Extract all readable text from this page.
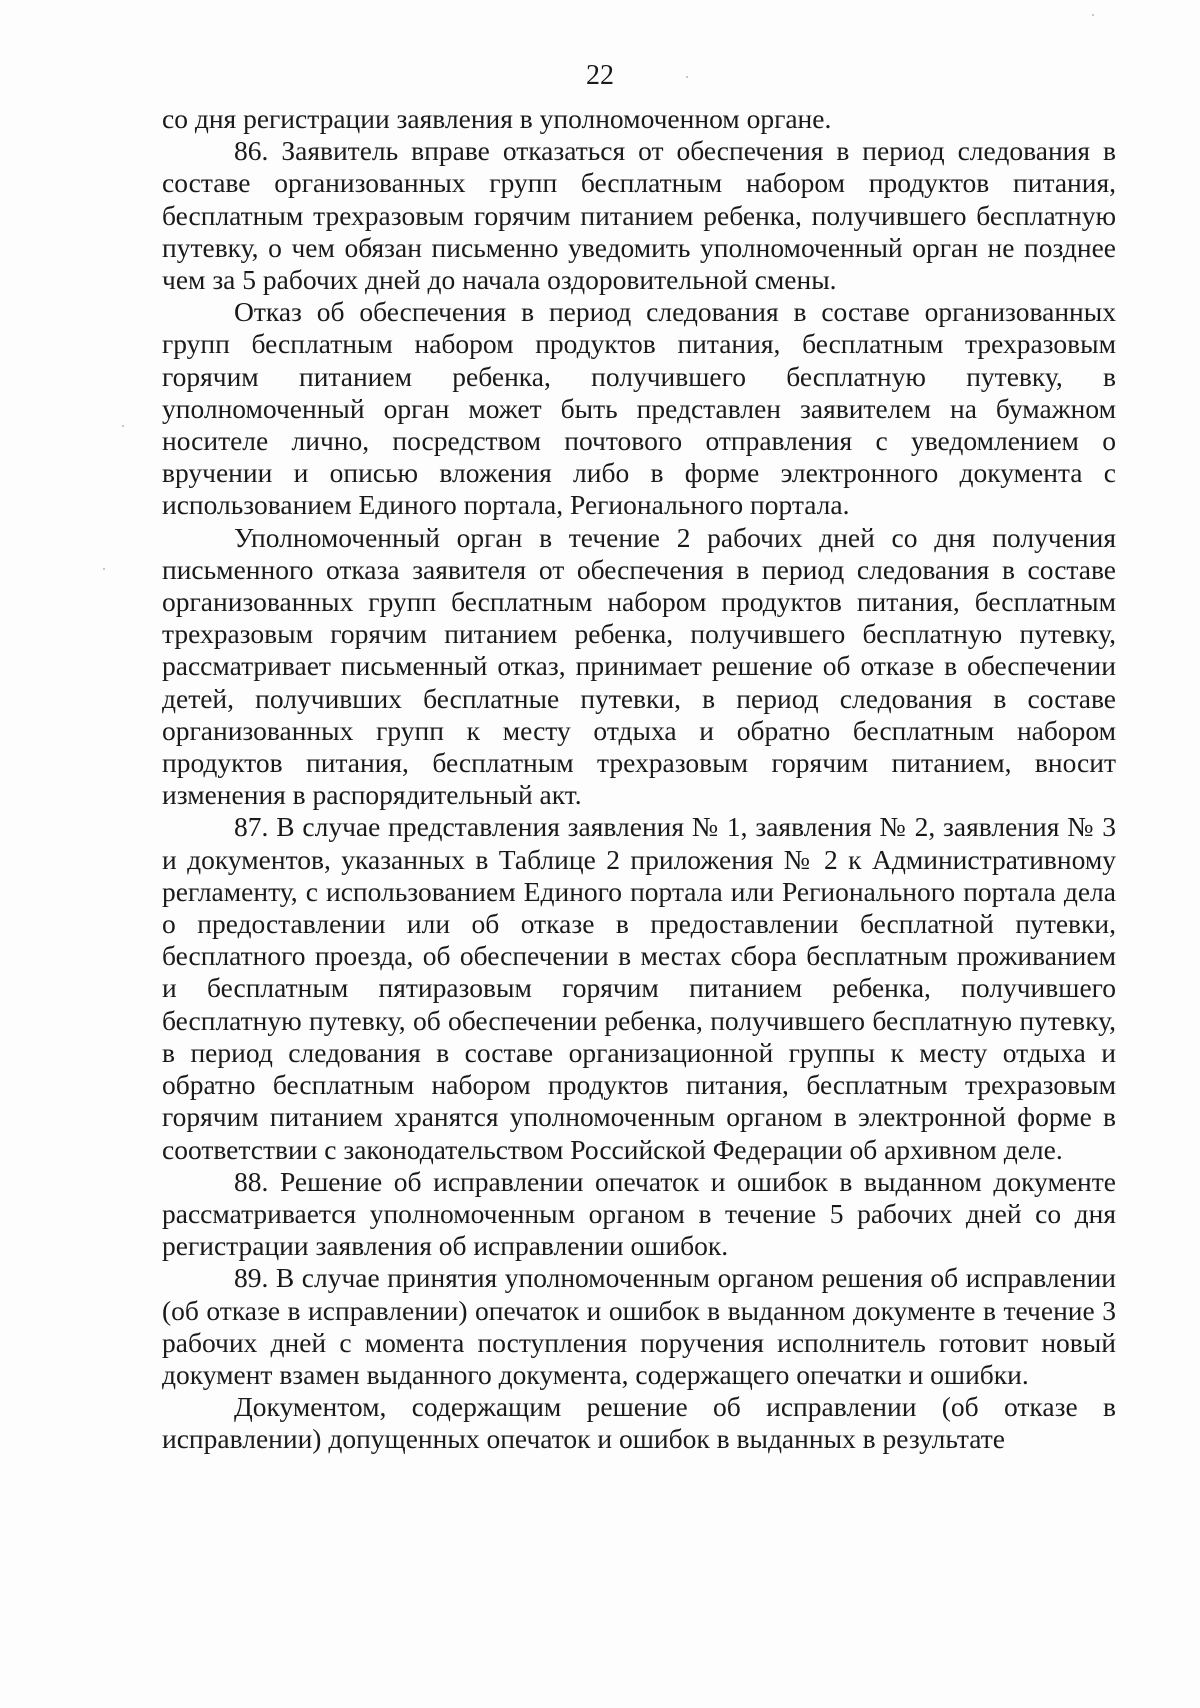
22

со дня регистрации заявления в уполномоченном органе.

86. Заявитель вправе отказаться от обеспечения в период следования в составе организованных групп бесплатным набором продуктов питания, бесплатным трехразовым горячим питанием ребенка, получившего бесплатную путевку, о чем обязан письменно уведомить уполномоченный орган не позднее чем за 5 рабочих дней до начала оздоровительной смены.

Отказ об обеспечения в период следования в составе организованных групп бесплатным набором продуктов питания, бесплатным трехразовым горячим питанием ребенка, получившего бесплатную путевку, в уполномоченный орган может быть представлен заявителем на бумажном носителе лично, посредством почтового отправления с уведомлением о вручении и описью вложения либо в форме электронного документа с использованием Единого портала, Регионального портала.

Уполномоченный орган в течение 2 рабочих дней со дня получения письменного отказа заявителя от обеспечения в период следования в составе организованных групп бесплатным набором продуктов питания, бесплатным трехразовым горячим питанием ребенка, получившего бесплатную путевку, рассматривает письменный отказ, принимает решение об отказе в обеспечении детей, получивших бесплатные путевки, в период следования в составе организованных групп к месту отдыха и обратно бесплатным набором продуктов питания, бесплатным трехразовым горячим питанием, вносит изменения в распорядительный акт.

87. В случае представления заявления № 1, заявления № 2, заявления № 3 и документов, указанных в Таблице 2 приложения № 2 к Административному регламенту, с использованием Единого портала или Регионального портала дела о предоставлении или об отказе в предоставлении бесплатной путевки, бесплатного проезда, об обеспечении в местах сбора бесплатным проживанием и бесплатным пятиразовым горячим питанием ребенка, получившего бесплатную путевку, об обеспечении ребенка, получившего бесплатную путевку, в период следования в составе организационной группы к месту отдыха и обратно бесплатным набором продуктов питания, бесплатным трехразовым горячим питанием хранятся уполномоченным органом в электронной форме в соответствии с законодательством Российской Федерации об архивном деле.

88. Решение об исправлении опечаток и ошибок в выданном документе рассматривается уполномоченным органом в течение 5 рабочих дней со дня регистрации заявления об исправлении ошибок.

89. В случае принятия уполномоченным органом решения об исправлении (об отказе в исправлении) опечаток и ошибок в выданном документе в течение 3 рабочих дней с момента поступления поручения исполнитель готовит новый документ взамен выданного документа, содержащего опечатки и ошибки.

Документом, содержащим решение об исправлении (об отказе в исправлении) допущенных опечаток и ошибок в выданных в результате
